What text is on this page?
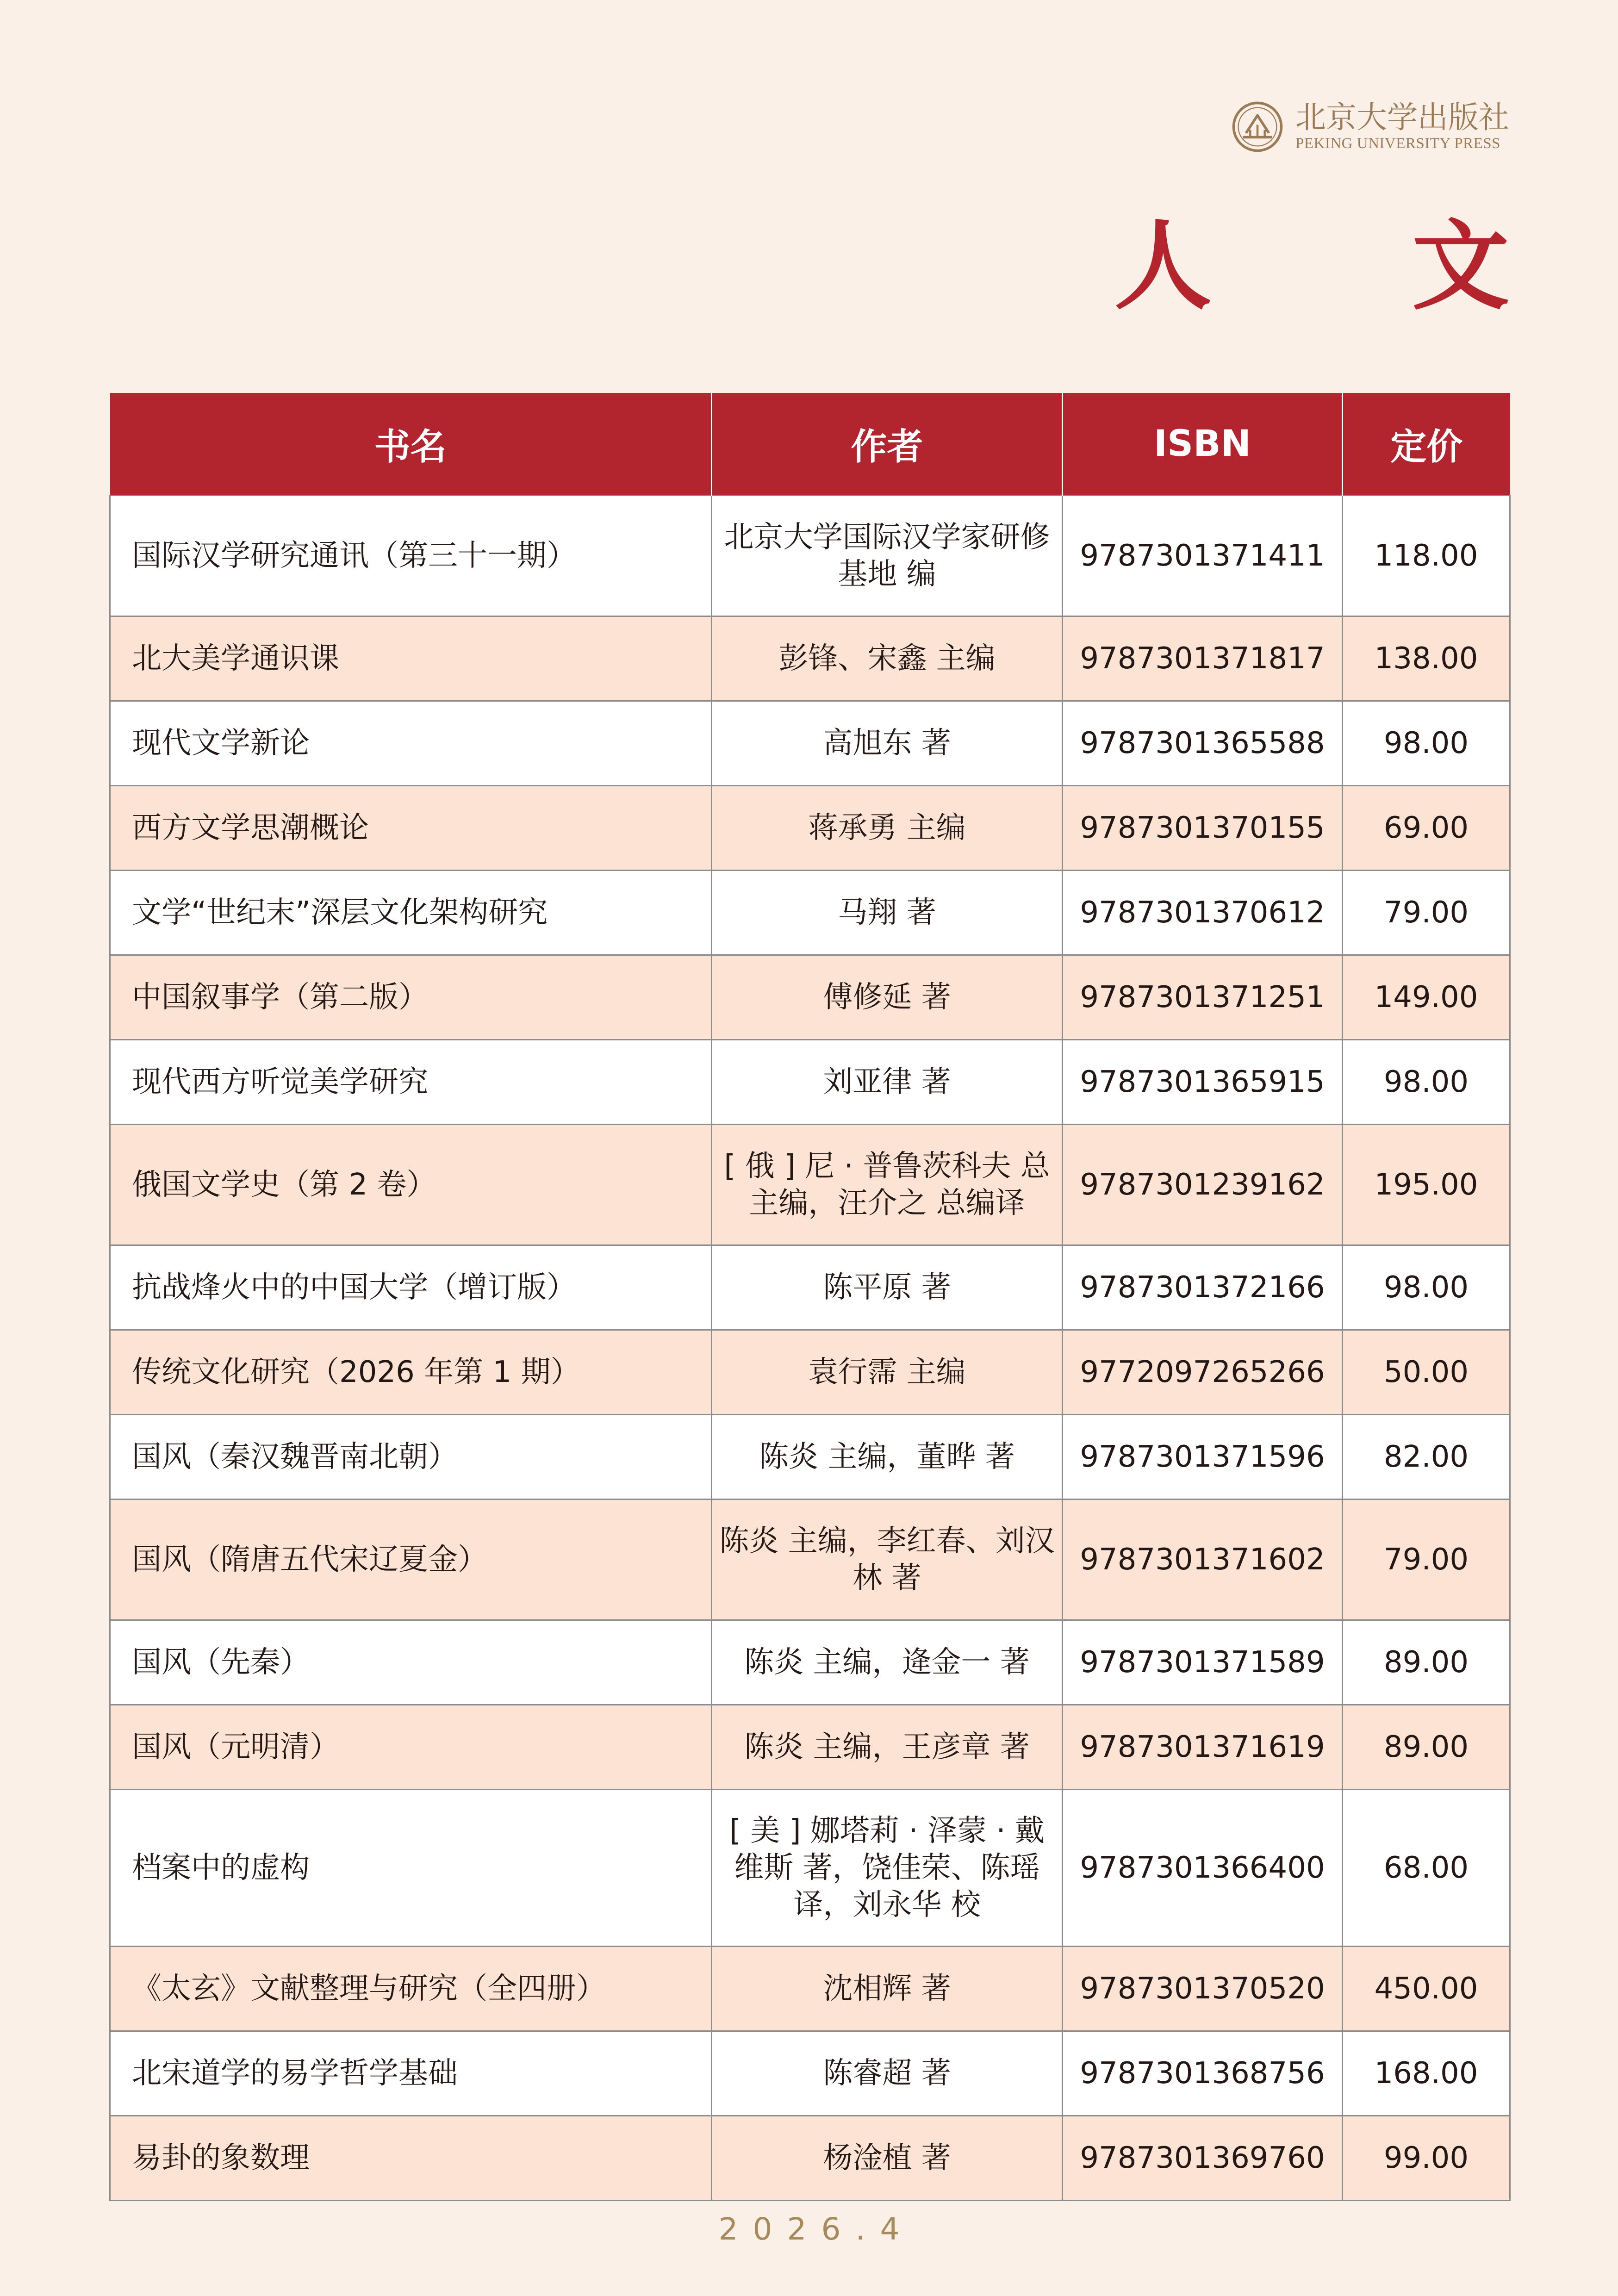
北京大学出版社
PEKING UNIVERSITY PRESS
人 文
书名	作者	ISBN	定价
国际汉学研究通讯（第三十一期）	北京大学国际汉学家研修基地 编	9787301371411	118.00
北大美学通识课	彭锋、宋鑫 主编	9787301371817	138.00
现代文学新论	高旭东 著	9787301365588	98.00
西方文学思潮概论	蒋承勇 主编	9787301370155	69.00
文学“世纪末”深层文化架构研究	马翔 著	9787301370612	79.00
中国叙事学（第二版）	傅修延 著	9787301371251	149.00
现代西方听觉美学研究	刘亚律 著	9787301365915	98.00
俄国文学史（第 2 卷）	[ 俄 ] 尼 · 普鲁茨科夫 总主编，汪介之 总编译	9787301239162	195.00
抗战烽火中的中国大学（增订版）	陈平原 著	9787301372166	98.00
传统文化研究（2026 年第 1 期）	袁行霈 主编	9772097265266	50.00
国风（秦汉魏晋南北朝）	陈炎 主编，董晔 著	9787301371596	82.00
国风（隋唐五代宋辽夏金）	陈炎 主编，李红春、刘汉林 著	9787301371602	79.00
国风（先秦）	陈炎 主编，逄金一 著	9787301371589	89.00
国风（元明清）	陈炎 主编，王彦章 著	9787301371619	89.00
档案中的虚构	[ 美 ] 娜塔莉 · 泽蒙 · 戴维斯 著，饶佳荣、陈瑶 译，刘永华 校	9787301366400	68.00
《太玄》文献整理与研究（全四册）	沈相辉 著	9787301370520	450.00
北宋道学的易学哲学基础	陈睿超 著	9787301368756	168.00
易卦的象数理	杨淦植 著	9787301369760	99.00
2026.4
